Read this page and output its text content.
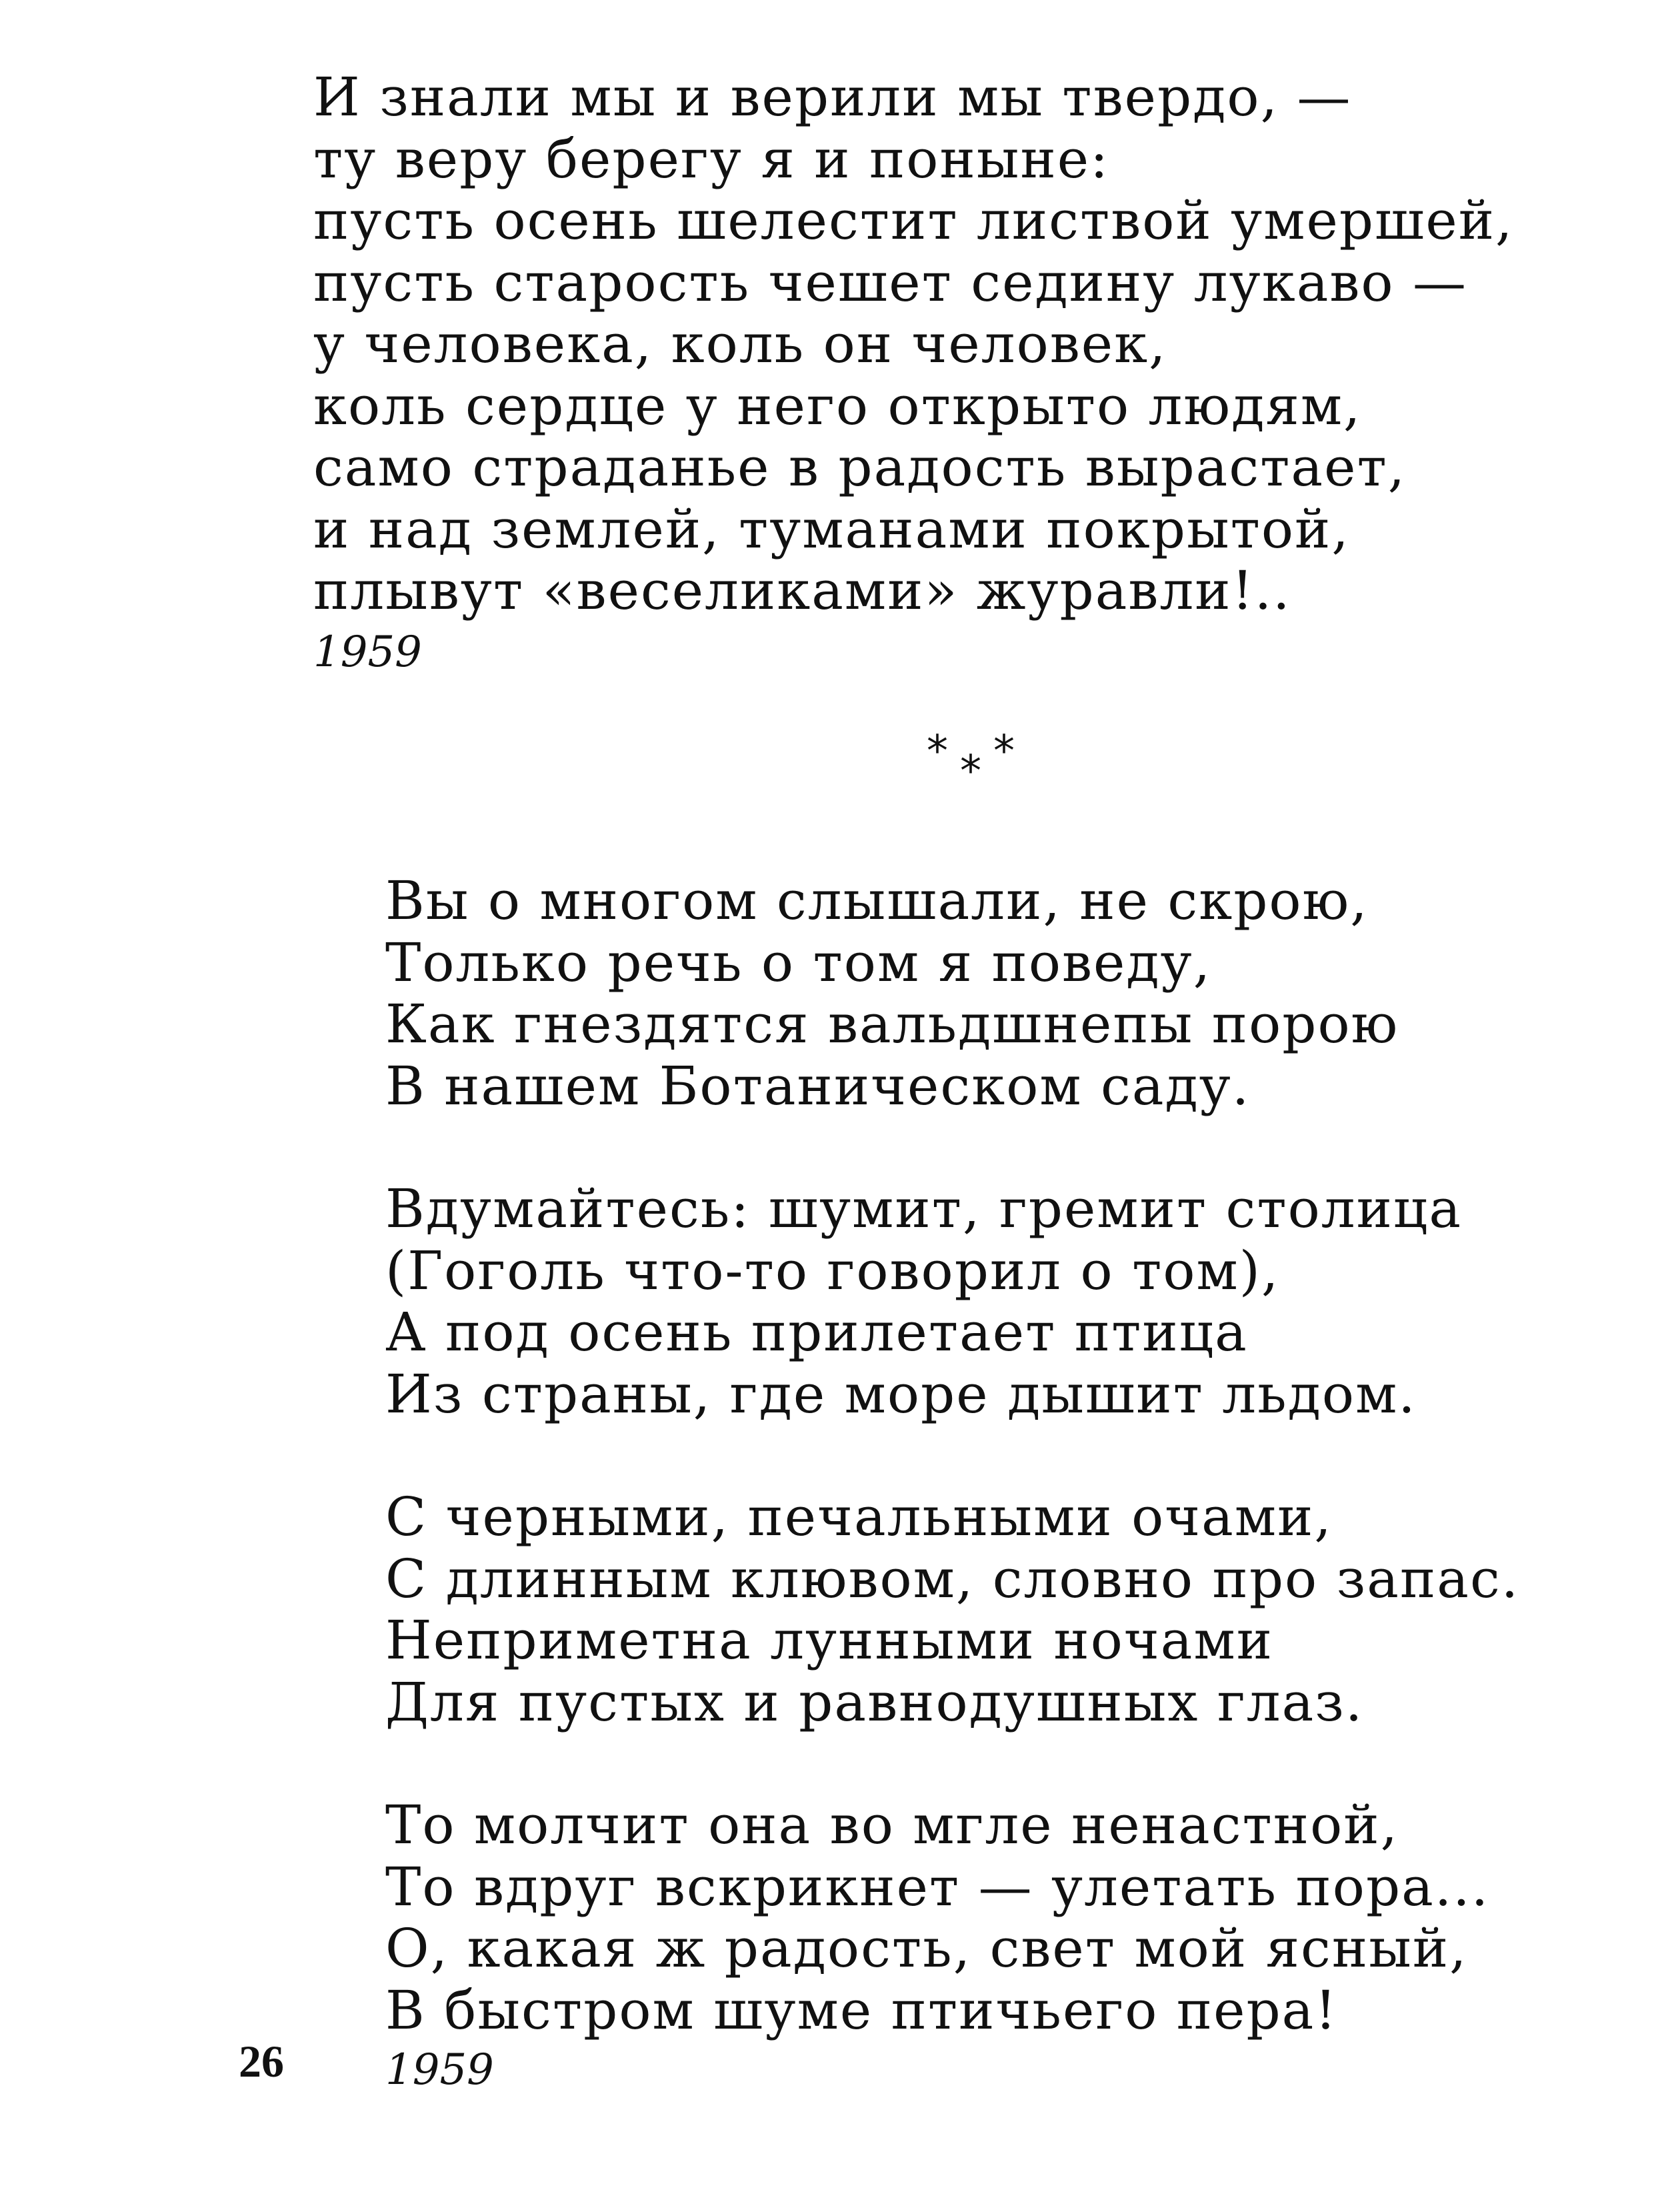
И знали мы и верили мы твердо, —
ту веру берегу я и поныне:
пусть осень шелестит листвой умершей,
пусть старость чешет седину лукаво —
у человека, коль он человек,
коль сердце у него открыто людям,
само страданье в радость вырастает,
и над землей, туманами покрытой,
плывут «веселиками» журавли!..
1959
* * *
Вы о многом слышали, не скрою,
Только речь о том я поведу,
Как гнездятся вальдшнепы порою
В нашем Ботаническом саду.
Вдумайтесь: шумит, гремит столица
(Гоголь что-то говорил о том),
А под осень прилетает птица
Из страны, где море дышит льдом.
С черными, печальными очами,
С длинным клювом, словно про запас.
Неприметна лунными ночами
Для пустых и равнодушных глаз.
То молчит она во мгле ненастной,
То вдруг вскрикнет — улетать пора...
О, какая ж радость, свет мой ясный,
В быстром шуме птичьего пера!
1959
26
